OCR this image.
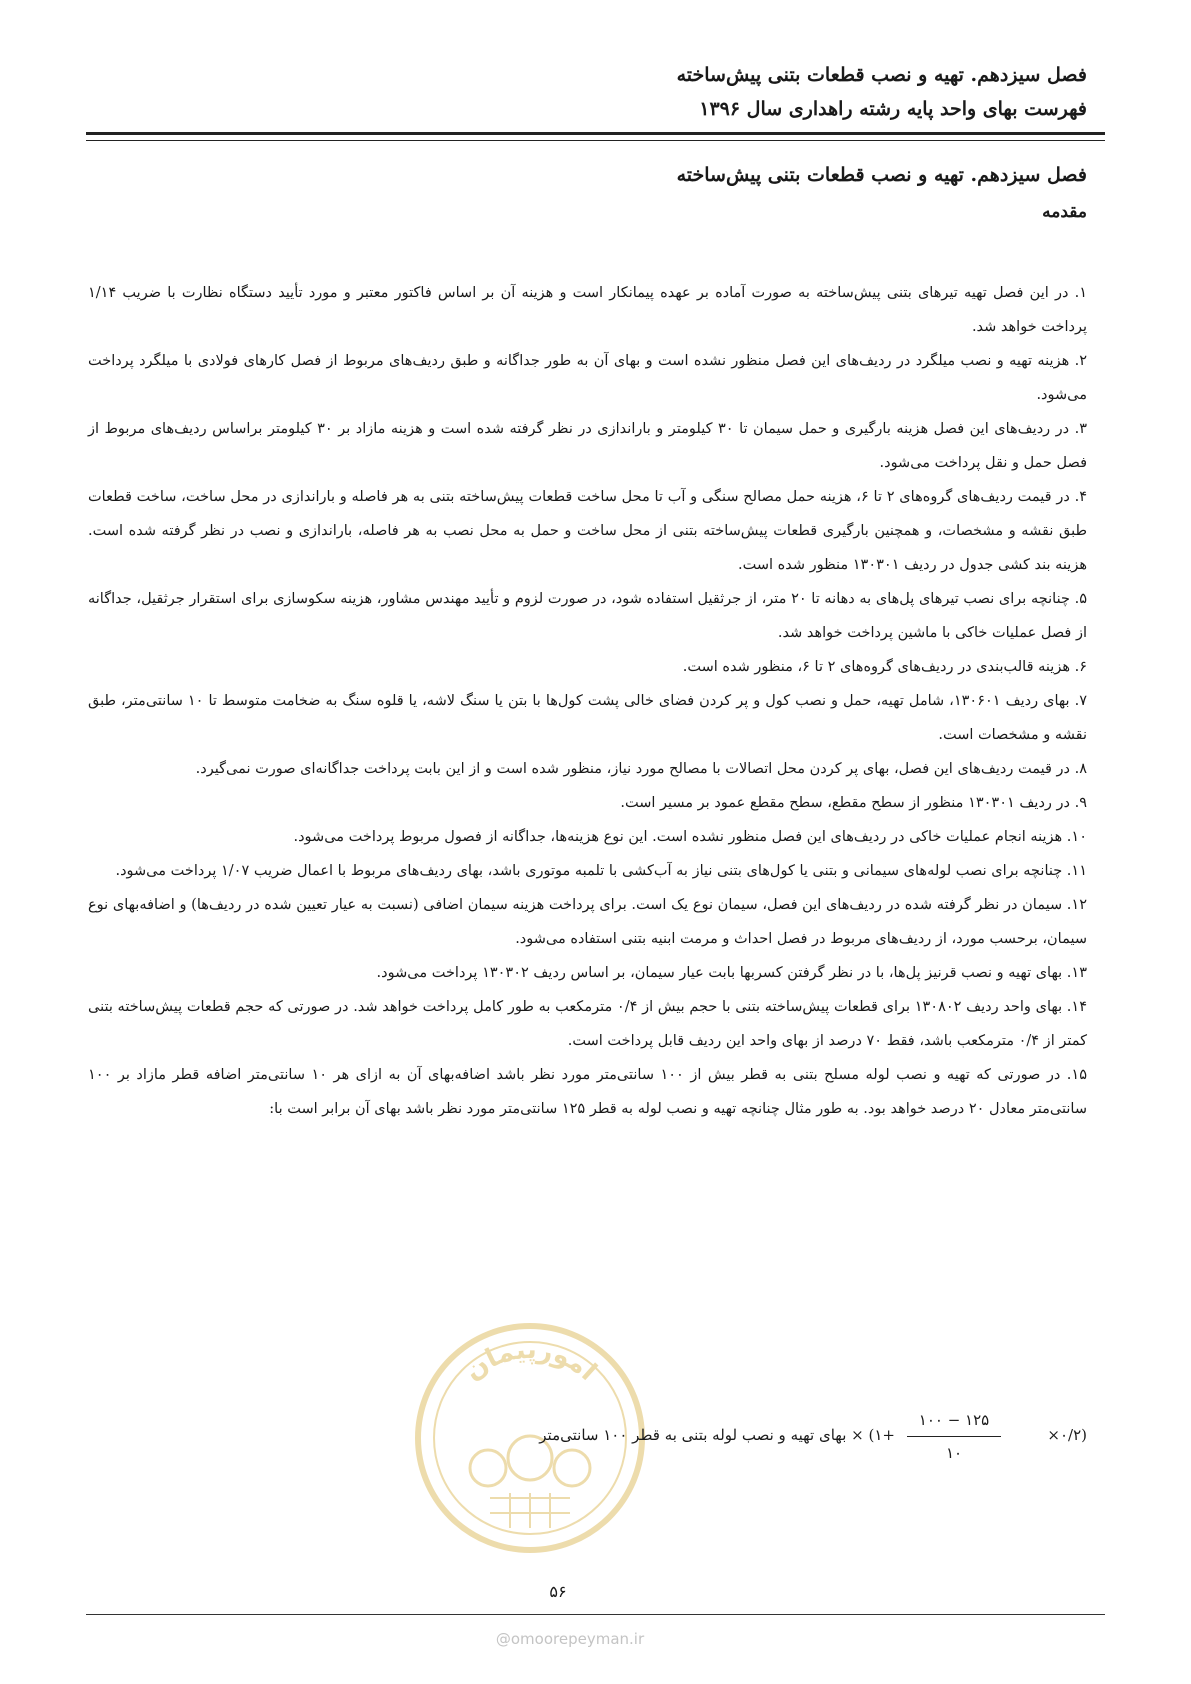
فصل سیزدهم. تهیه و نصب قطعات بتنی پیش‌ساخته
فهرست بهای واحد پایه رشته راهداری سال ۱۳۹۶
فصل سیزدهم. تهیه و نصب قطعات بتنی پیش‌ساخته
مقدمه

۱. در این فصل تهیه تیرهای بتنی پیش‌ساخته به صورت آماده بر عهده پیمانکار است و هزینه آن بر اساس فاکتور معتبر و مورد تأیید دستگاه نظارت با ضریب ۱/۱۴ پرداخت خواهد شد.

۲. هزینه تهیه و نصب میلگرد در ردیف‌های این فصل منظور نشده است و بهای آن به طور جداگانه و طبق ردیف‌های مربوط از فصل کارهای فولادی با میلگرد پرداخت می‌شود.

۳. در ردیف‌های این فصل هزینه بارگیری و حمل سیمان تا ۳۰ کیلومتر و باراندازی در نظر گرفته شده است و هزینه مازاد بر ۳۰ کیلومتر براساس ردیف‌های مربوط از فصل حمل و نقل پرداخت می‌شود.

۴. در قیمت ردیف‌های گروه‌های ۲ تا ۶، هزینه حمل مصالح سنگی و آب تا محل ساخت قطعات پیش‌ساخته بتنی به هر فاصله و باراندازی در محل ساخت، ساخت قطعات طبق نقشه و مشخصات، و همچنین بارگیری قطعات پیش‌ساخته بتنی از محل ساخت و حمل به محل نصب به هر فاصله، باراندازی و نصب در نظر گرفته شده است. هزینه بند کشی جدول در ردیف ۱۳۰۳۰۱ منظور شده است.

۵. چنانچه برای نصب تیرهای پل‌های به دهانه تا ۲۰ متر، از جرثقیل استفاده شود، در صورت لزوم و تأیید مهندس مشاور، هزینه سکوسازی برای استقرار جرثقیل، جداگانه از فصل عملیات خاکی با ماشین پرداخت خواهد شد.

۶. هزینه قالب‌بندی در ردیف‌های گروه‌های ۲ تا ۶، منظور شده است.

۷. بهای ردیف ۱۳۰۶۰۱، شامل تهیه، حمل و نصب کول و پر کردن فضای خالی پشت کول‌ها با بتن یا سنگ لاشه، یا قلوه سنگ به ضخامت متوسط تا ۱۰ سانتی‌متر، طبق نقشه و مشخصات است.

۸. در قیمت ردیف‌های این فصل، بهای پر کردن محل اتصالات با مصالح مورد نیاز، منظور شده است و از این بابت پرداخت جداگانه‌ای صورت نمی‌گیرد.

۹. در ردیف ۱۳۰۳۰۱ منظور از سطح مقطع، سطح مقطع عمود بر مسیر است.

۱۰. هزینه انجام عملیات خاکی در ردیف‌های این فصل منظور نشده است. این نوع هزینه‌ها، جداگانه از فصول مربوط پرداخت می‌شود.

۱۱. چنانچه برای نصب لوله‌های سیمانی و بتنی یا کول‌های بتنی نیاز به آب‌کشی با تلمبه موتوری باشد، بهای ردیف‌های مربوط با اعمال ضریب ۱/۰۷ پرداخت می‌شود.

۱۲. سیمان در نظر گرفته شده در ردیف‌های این فصل، سیمان نوع یک است. برای پرداخت هزینه سیمان اضافی (نسبت به عیار تعیین شده در ردیف‌ها) و اضافه‌بهای نوع سیمان، برحسب مورد، از ردیف‌های مربوط در فصل احداث و مرمت ابنیه بتنی استفاده می‌شود.

۱۳. بهای تهیه و نصب قرنیز پل‌ها، با در نظر گرفتن کسربها بابت عیار سیمان، بر اساس ردیف ۱۳۰۳۰۲ پرداخت می‌شود.

۱۴. بهای واحد ردیف ۱۳۰۸۰۲ برای قطعات پیش‌ساخته بتنی با حجم بیش از ۰/۴ مترمکعب به طور کامل پرداخت خواهد شد. در صورتی که حجم قطعات پیش‌ساخته بتنی کمتر از ۰/۴ مترمکعب باشد، فقط ۷۰ درصد از بهای واحد این ردیف قابل پرداخت است.

۱۵. در صورتی که تهیه و نصب لوله مسلح بتنی به قطر بیش از ۱۰۰ سانتی‌متر مورد نظر باشد اضافه‌بهای آن به ازای هر ۱۰ سانتی‌متر اضافه قطر مازاد بر ۱۰۰ سانتی‌متر معادل ۲۰ درصد خواهد بود. به طور مثال چنانچه تهیه و نصب لوله به قطر ۱۲۵ سانتی‌متر مورد نظر باشد بهای آن برابر است با:

امورپیمان
(۰/۲×
۱۲۵ − ۱۰۰
۱۰
+۱) × بهای تهیه و نصب لوله بتنی به قطر ۱۰۰ سانتی‌متر
۵۶
@omoorepeyman.ir
